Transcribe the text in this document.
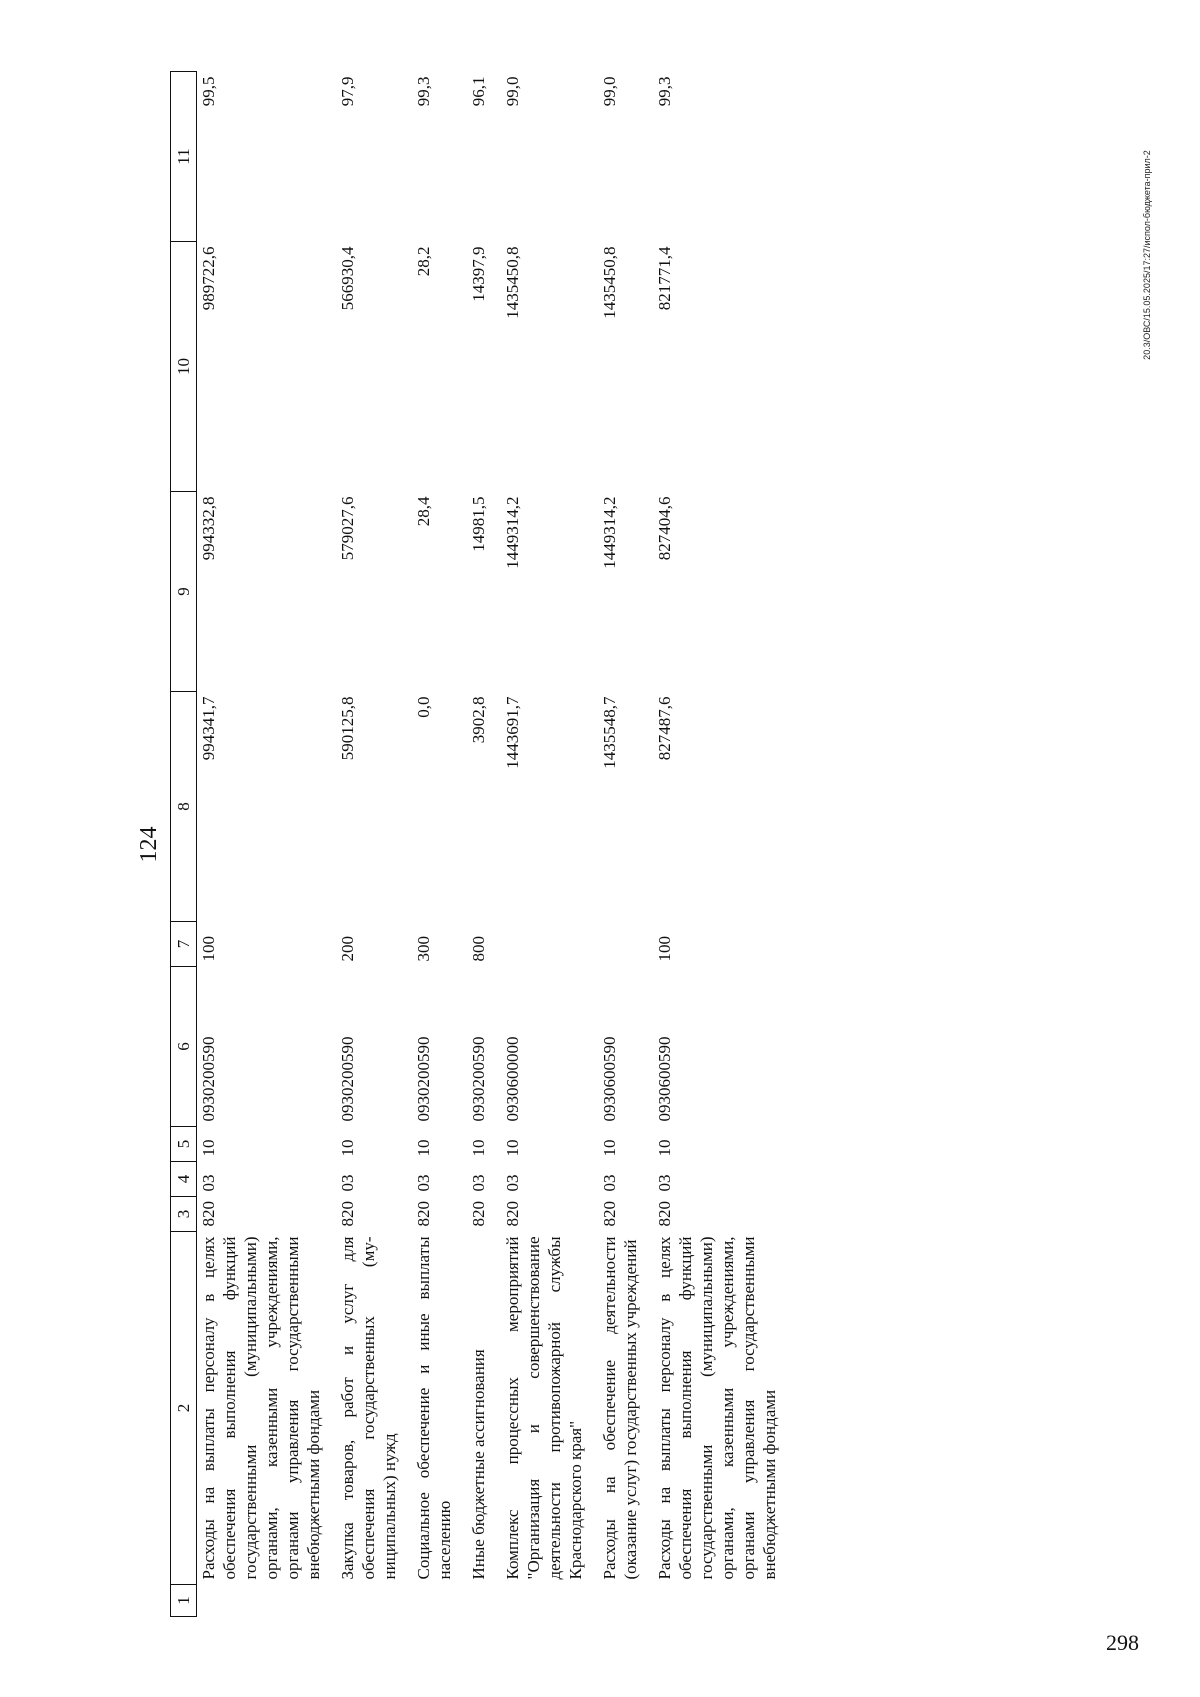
124
1	2	3	4	5	6	7	8	9	10	11
	Расходы на выплаты персоналу в целях обеспечения выполнения функций государственными (муниципальными) органами, казенными учреждениями, органами управления государственными внебюджетными фондами	820	03	10	0930200590	100	994341,7	994332,8	989722,6	99,5
	Закупка товаров, работ и услуг для обеспечения государственных (муниципальных) нужд	820	03	10	0930200590	200	590125,8	579027,6	566930,4	97,9
	Социальное обеспечение и иные выплаты населению	820	03	10	0930200590	300	0,0	28,4	28,2	99,3
	Иные бюджетные ассигнования	820	03	10	0930200590	800	3902,8	14981,5	14397,9	96,1
	Комплекс процессных мероприятий "Организация и совершенствование деятельности противопожарной службы Краснодарского края"	820	03	10	0930600000		1443691,7	1449314,2	1435450,8	99,0
	Расходы на обеспечение деятельности (оказание услуг) государственных учреждений	820	03	10	0930600590		1435548,7	1449314,2	1435450,8	99,0
	Расходы на выплаты персоналу в целях обеспечения выполнения функций государственными (муниципальными) органами, казенными учреждениями, органами управления государственными внебюджетными фондами	820	03	10	0930600590	100	827487,6	827404,6	821771,4	99,3
20.3/ОВС/15.05.2025/17:27/испол-бюджета-прил-2
298
